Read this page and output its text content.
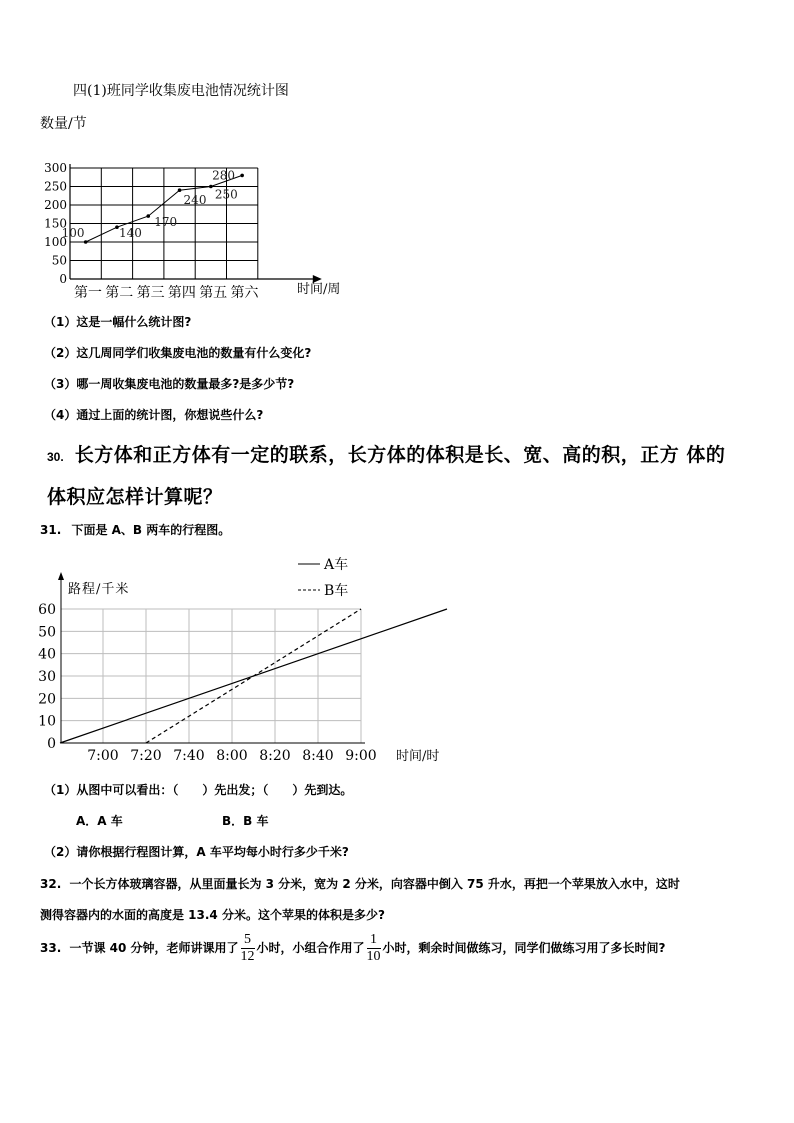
四(1)班同学收集废电池情况统计图
0
50
100
150
200
250
300
第一 第二 第三 第四 第五 第六
100	140
170
240 250
280
数量/节
时间/周
（1）这是一幅什么统计图?
（2）这几周同学们收集废电池的数量有什么变化?
（3）哪一周收集废电池的数量最多?是多少节?
（4）通过上面的统计图，你想说些什么?
30. 长方体和正方体有一定的联系，长方体的体积是长、宽、高的积，正方 体的
体积应怎样计算呢？
31. 下面是 A、B 两车的行程图。
0
10
20
30
40
50
60
7:00 7:20 7:40 8:00 8:20 8:40 9:00
A车
B车
路程/千米
时间/时
（1）从图中可以看出：（　　）先出发；（　　）先到达。
A．A 车	B．B 车
（2）请你根据行程图计算，A 车平均每小时行多少千米?
32. 一个长方体玻璃容器，从里面量长为 3 分米，宽为 2 分米，向容器中倒入 75 升水，再把一个苹果放入水中，这时
测得容器内的水面的高度是 13.4 分米。这个苹果的体积是多少?
33. 一节课 40 分钟，老师讲课用了 $\frac{5}{12}$ 小时，小组合作用了 $\frac{1}{10}$ 小时，剩余时间做练习，同学们做练习用了多长时间?
